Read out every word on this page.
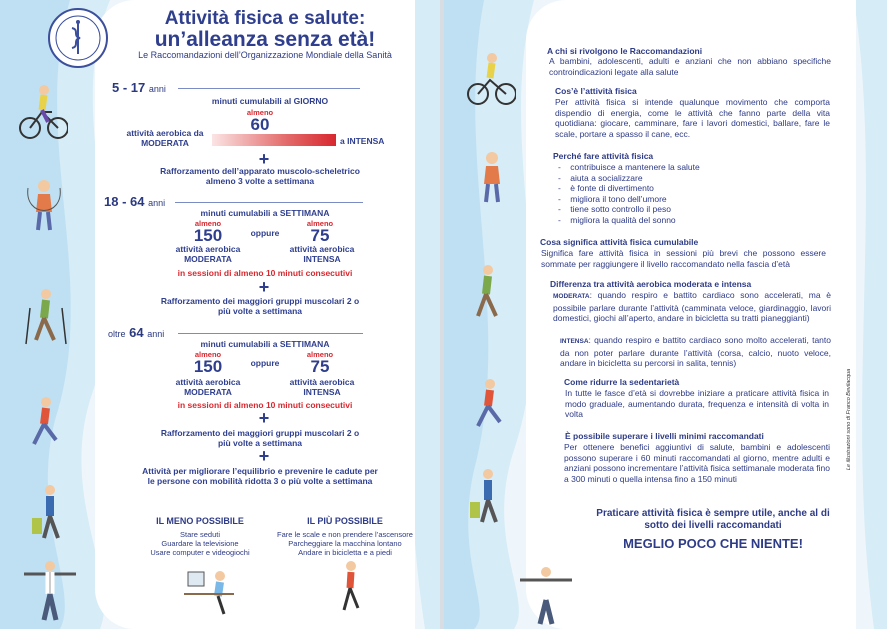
Attività fisica e salute:
un’alleanza senza età!
Le Raccomandazioni dell’Organizzazione Mondiale della Sanità
5 - 17 anni
minuti cumulabili al GIORNO
almeno
60
attività aerobica da MODERATA	a INTENSA
+
Rafforzamento dell’apparato muscolo-scheletrico almeno 3 volte a settimana
18 - 64 anni
minuti cumulabili a SETTIMANA
almeno	almeno
150	oppure	75
attività aerobica MODERATA
attività aerobica INTENSA
in sessioni di almeno 10 minuti consecutivi
+
Rafforzamento dei maggiori gruppi muscolari 2 o più volte a settimana
oltre 64 anni
minuti cumulabili a SETTIMANA
almeno	almeno
150	oppure	75
attività aerobica MODERATA
attività aerobica INTENSA
in sessioni di almeno 10 minuti consecutivi
+
Rafforzamento dei maggiori gruppi muscolari 2 o più volte a settimana
+
Attività per migliorare l’equilibrio e prevenire le cadute per le persone con mobilità ridotta 3 o più volte a settimana
IL MENO POSSIBILE
Stare seduti
Guardare la televisione
Usare computer e videogiochi
IL PIÙ POSSIBILE
Fare le scale e non prendere l’ascensore
Parcheggiare la macchina lontano
Andare in bicicletta e a piedi
A chi si rivolgono le Raccomandazioni
A bambini, adolescenti, adulti e anziani che non abbiano specifiche controindicazioni legate alla salute
Cos’è l’attività fisica
Per attività fisica si intende qualunque movimento che comporta dispendio di energia, come le attività che fanno parte della vita quotidiana: giocare, camminare, fare i lavori domestici, ballare, fare le scale, portare a spasso il cane, ecc.
Perché fare attività fisica
-    contribuisce a mantenere la salute
-    aiuta a socializzare
-    è fonte di divertimento
-    migliora il tono dell’umore
-    tiene sotto controllo il peso
-    migliora la qualità del sonno
Cosa significa attività fisica cumulabile
Significa fare attività fisica in sessioni più brevi che possono essere sommate per raggiungere il livello raccomandato nella fascia d’età
Differenza tra attività aerobica moderata e intensa
MODERATA: quando respiro e battito cardiaco sono accelerati, ma è possibile parlare durante l’attività (camminata veloce, giardinaggio, lavori domestici, giochi all’aperto, andare in bicicletta su tratti pianeggianti)
INTENSA: quando respiro e battito cardiaco sono molto accelerati, tanto da non poter parlare durante l’attività (corsa, calcio, nuoto veloce, andare in bicicletta su percorsi in salita, tennis)
Come ridurre la sedentarietà
In tutte le fasce d’età si dovrebbe iniziare a praticare attività fisica in modo graduale, aumentando durata, frequenza e intensità di volta in volta
È possibile superare i livelli minimi raccomandati
Per ottenere benefici aggiuntivi di salute, bambini e adolescenti possono superare i 60 minuti raccomandati al giorno, mentre adulti e anziani possono incrementare l’attività fisica settimanale moderata fino a 300 minuti o quella intensa fino a 150 minuti
Praticare attività fisica è sempre utile, anche al di sotto dei livelli raccomandati
MEGLIO POCO CHE NIENTE!
Le illustrazioni sono di Franco Bevilacqua
